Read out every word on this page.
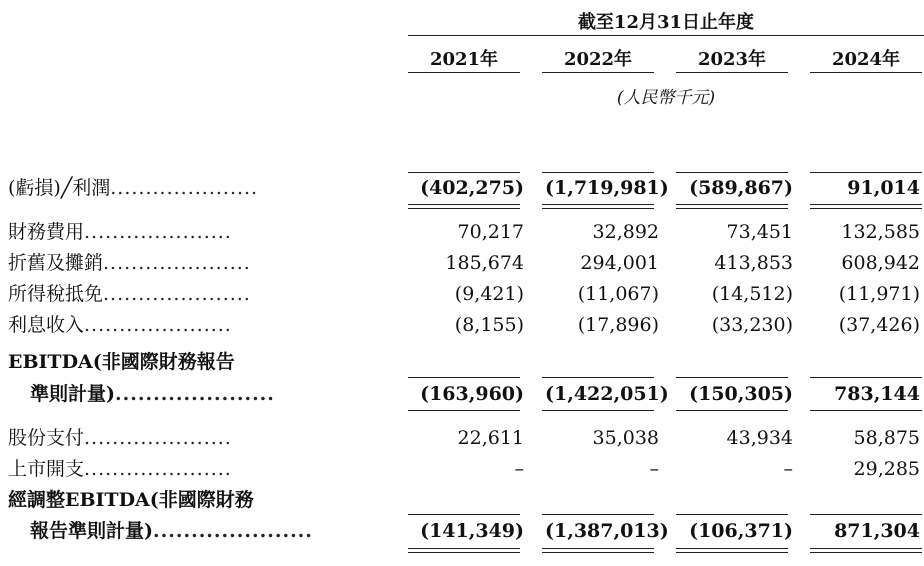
截至12月31日止年度
2021年	2022年	2023年	2024年
(人民幣千元)
(虧損)╱利潤.....................	(402,275) (1,719,981)	(589,867)	91,014
財務費用.....................	70,217	32,892	73,451	132,585
折舊及攤銷.....................	185,674	294,001	413,853	608,942
所得稅抵免.....................	(9,421)	(11,067)	(14,512)	(11,971)
利息收入.....................	(8,155)	(17,896)	(33,230)	(37,426)
EBITDA(非國際財務報告
準則計量).....................	(163,960) (1,422,051)	(150,305)	783,144
股份支付.....................	22,611	35,038	43,934	58,875
上市開支.....................	–	–	–	29,285
經調整EBITDA(非國際財務
報告準則計量).....................	(141,349) (1,387,013)	(106,371)	871,304
